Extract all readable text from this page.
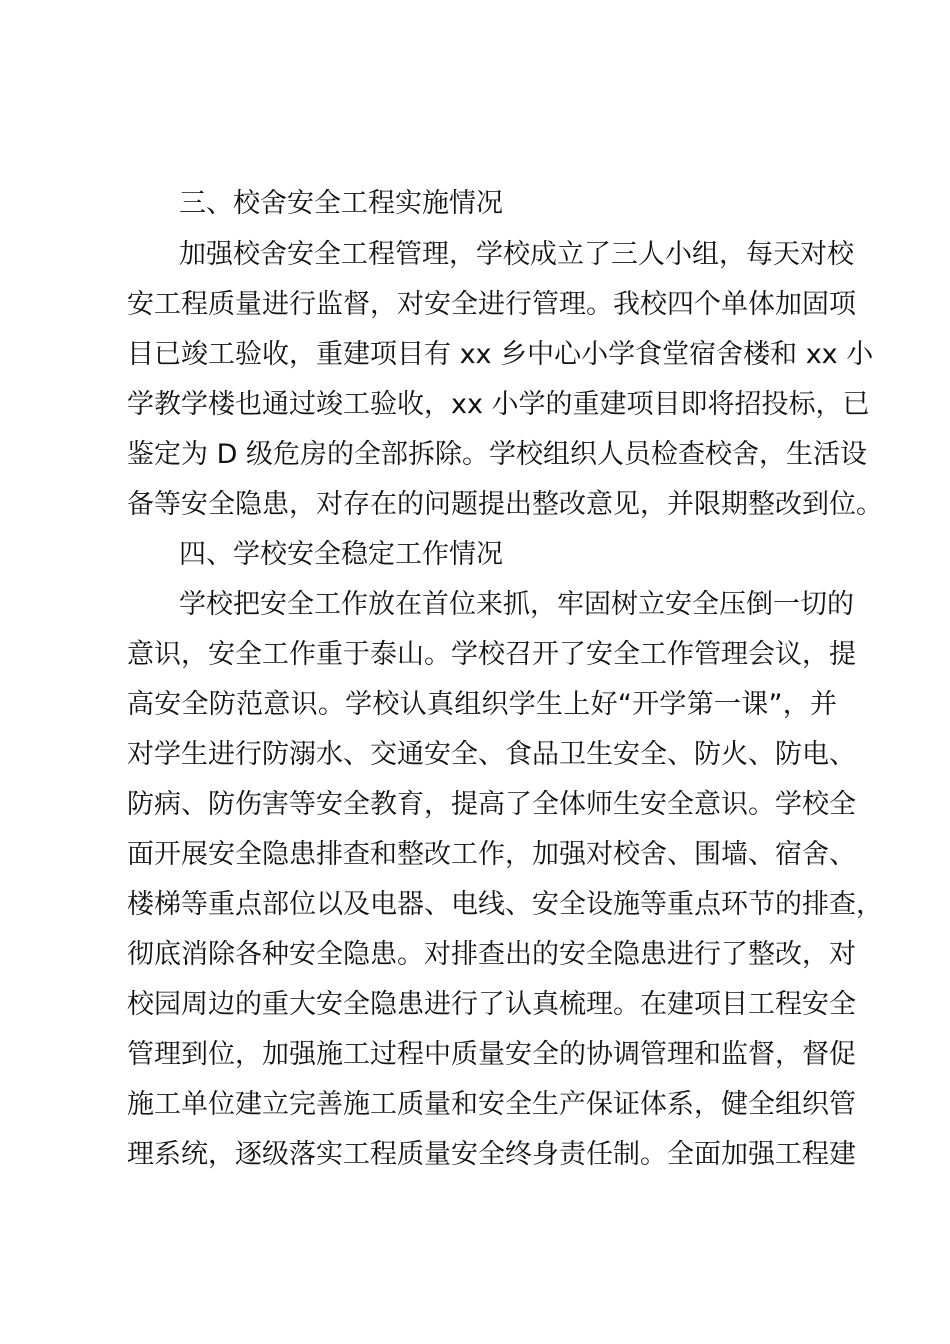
三、校舍安全工程实施情况

加强校舍安全工程管理，学校成立了三人小组，每天对校

安工程质量进行监督，对安全进行管理。我校四个单体加固项

目已竣工验收，重建项目有 xx 乡中心小学食堂宿舍楼和 xx 小

学教学楼也通过竣工验收，xx 小学的重建项目即将招投标，已

鉴定为 D 级危房的全部拆除。学校组织人员检查校舍，生活设

备等安全隐患，对存在的问题提出整改意见，并限期整改到位。

四、学校安全稳定工作情况

学校把安全工作放在首位来抓，牢固树立安全压倒一切的

意识，安全工作重于泰山。学校召开了安全工作管理会议，提

高安全防范意识。学校认真组织学生上好“开学第一课”，并

对学生进行防溺水、交通安全、食品卫生安全、防火、防电、

防病、防伤害等安全教育，提高了全体师生安全意识。学校全

面开展安全隐患排查和整改工作，加强对校舍、围墙、宿舍、

楼梯等重点部位以及电器、电线、安全设施等重点环节的排查，

彻底消除各种安全隐患。对排查出的安全隐患进行了整改，对

校园周边的重大安全隐患进行了认真梳理。在建项目工程安全

管理到位，加强施工过程中质量安全的协调管理和监督，督促

施工单位建立完善施工质量和安全生产保证体系，健全组织管

理系统，逐级落实工程质量安全终身责任制。全面加强工程建
